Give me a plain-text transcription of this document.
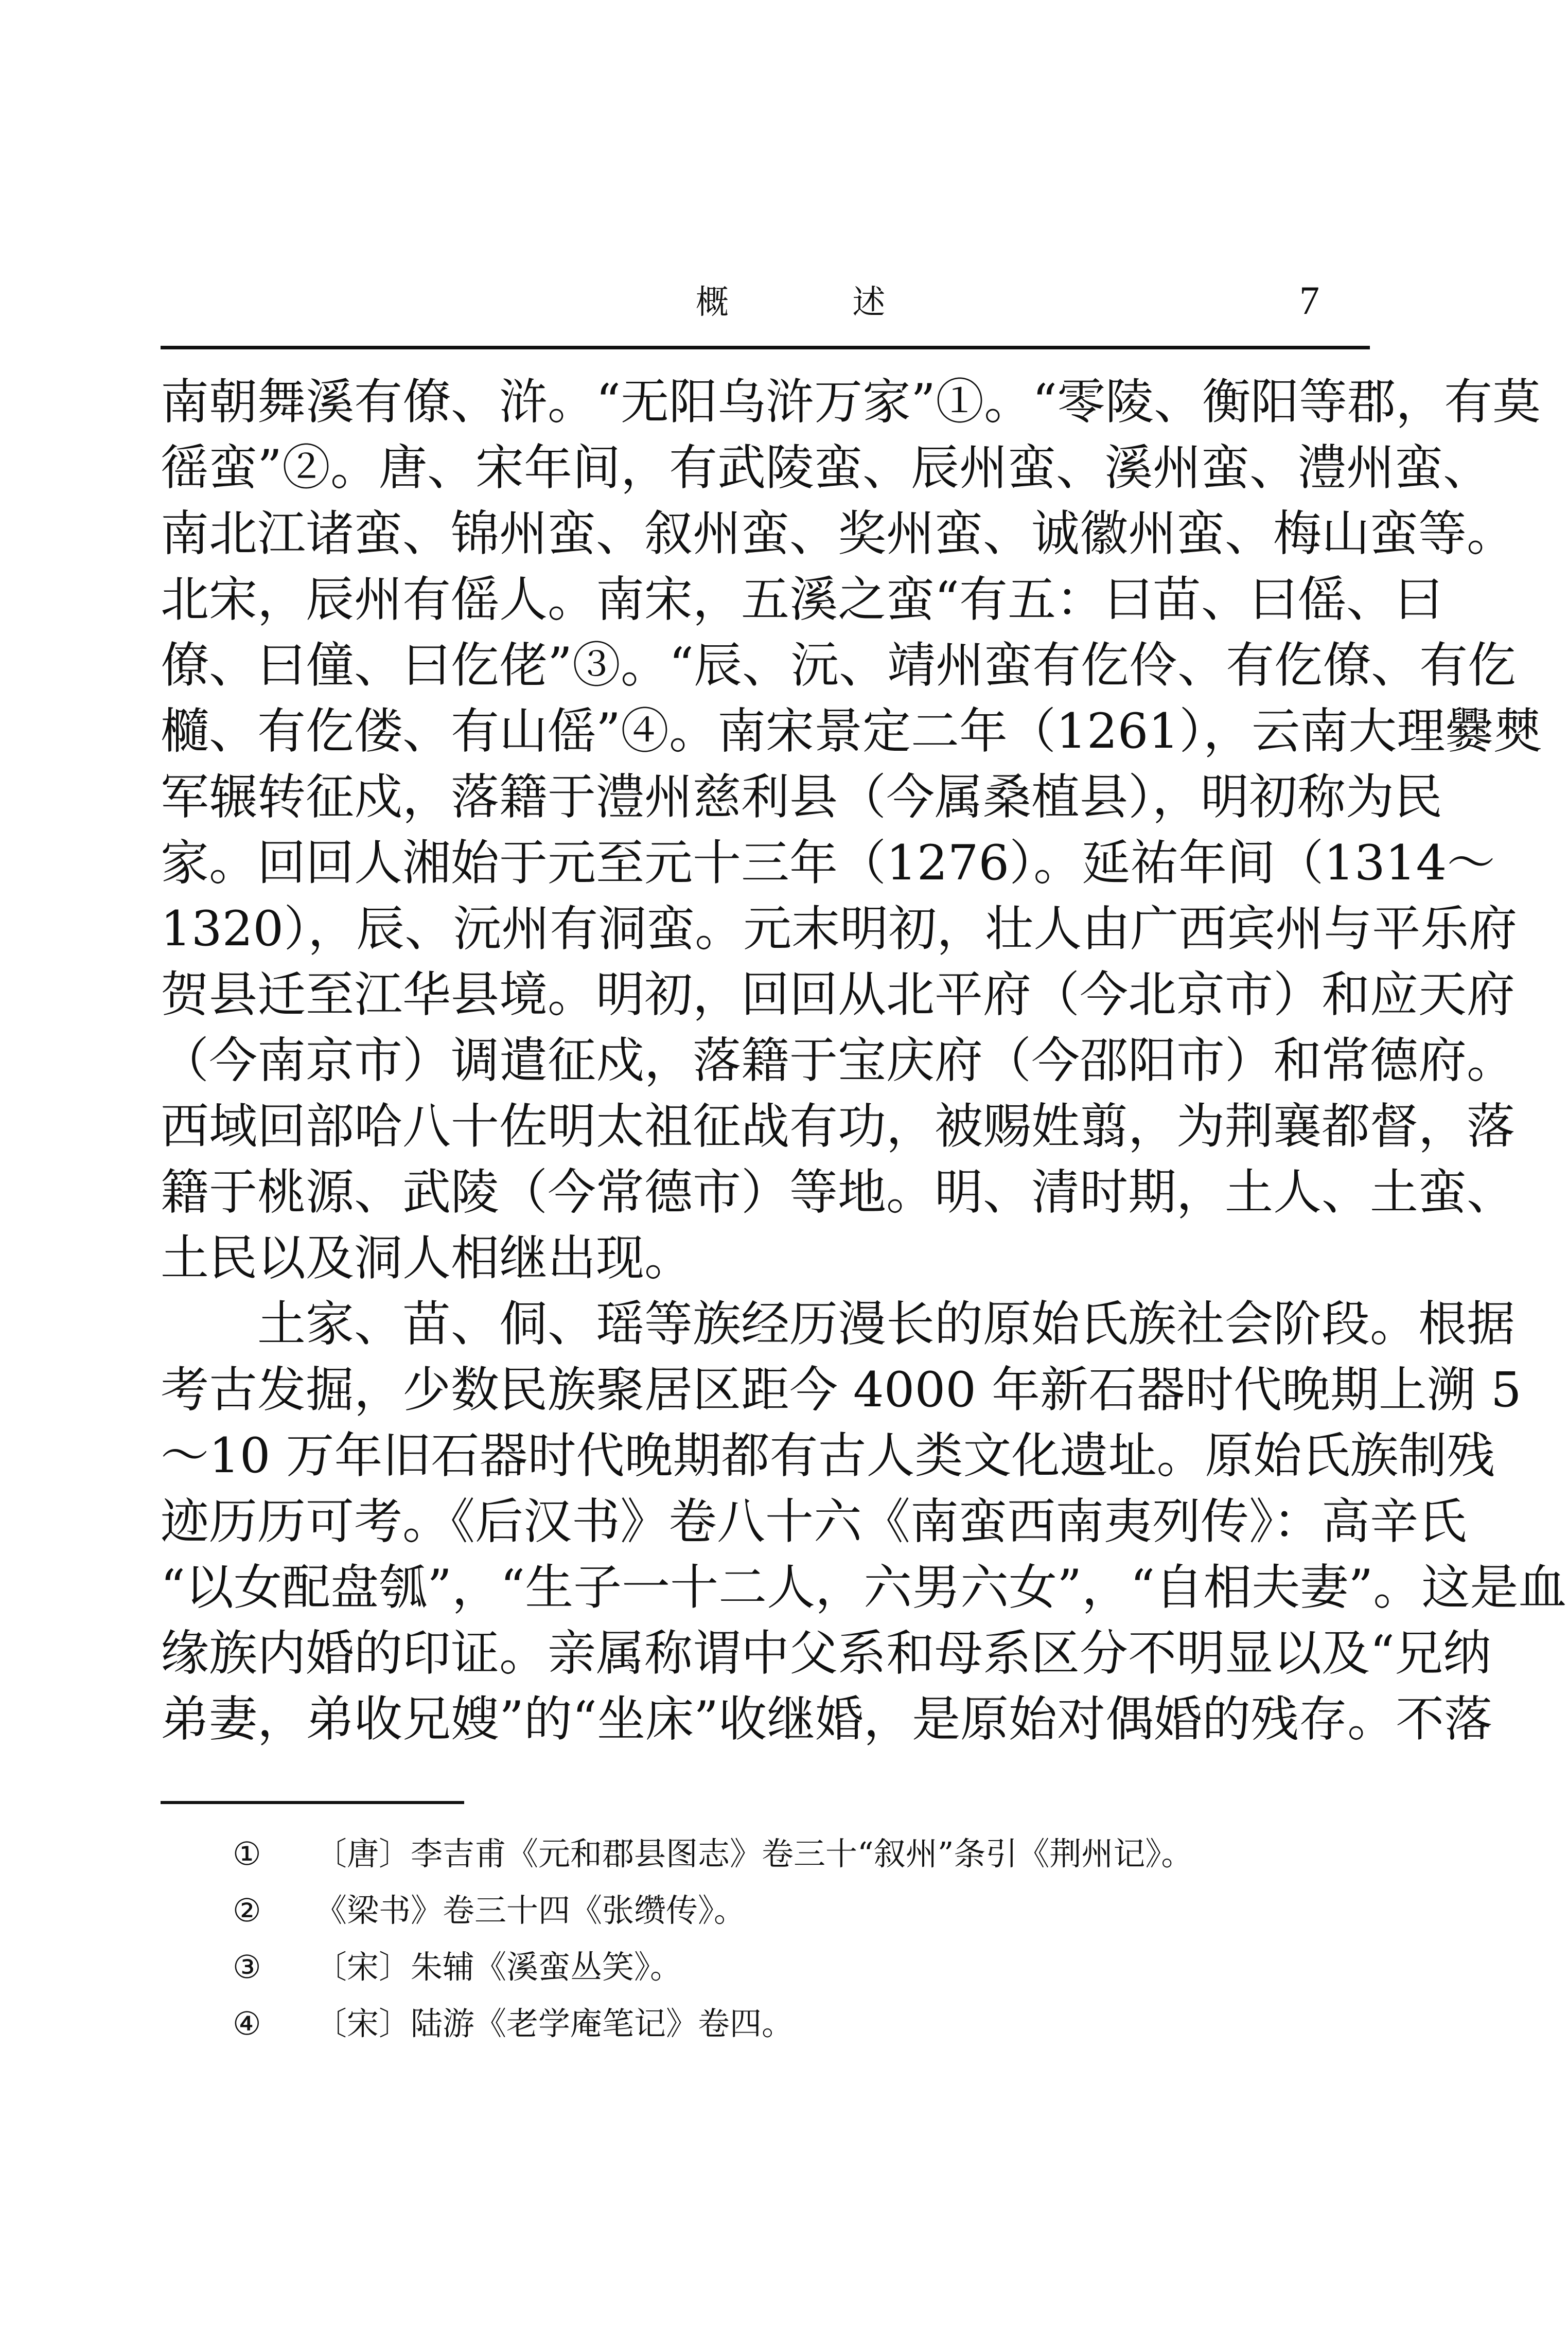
概 述	7
南朝舞溪有僚、浒。“无阳乌浒万家”①。“零陵、衡阳等郡，有莫
徭蛮”②。唐、宋年间，有武陵蛮、辰州蛮、溪州蛮、澧州蛮、
南北江诸蛮、锦州蛮、叙州蛮、奖州蛮、诚徽州蛮、梅山蛮等。
北宋，辰州有傜人。南宋，五溪之蛮“有五：曰苗、曰傜、曰
僚、曰僮、曰仡佬”③。“辰、沅、靖州蛮有仡伶、有仡僚、有仡
㰐、有仡偻、有山傜”④。南宋景定二年（1261），云南大理爨僰
军辗转征戍，落籍于澧州慈利县（今属桑植县），明初称为民
家。回回人湘始于元至元十三年（1276）。延祐年间（1314～
1320），辰、沅州有洞蛮。元末明初，壮人由广西宾州与平乐府
贺县迁至江华县境。明初，回回从北平府（今北京市）和应天府
（今南京市）调遣征戍，落籍于宝庆府（今邵阳市）和常德府。
西域回部哈八十佐明太祖征战有功，被赐姓翦，为荆襄都督，落
籍于桃源、武陵（今常德市）等地。明、清时期，土人、土蛮、
土民以及洞人相继出现。
土家、苗、侗、瑶等族经历漫长的原始氏族社会阶段。根据
考古发掘，少数民族聚居区距今 4000 年新石器时代晚期上溯 5
～10 万年旧石器时代晚期都有古人类文化遗址。原始氏族制残
迹历历可考。《后汉书》卷八十六《南蛮西南夷列传》：高辛氏
“以女配盘瓠”，“生子一十二人，六男六女”，“自相夫妻”。这是血
缘族内婚的印证。亲属称谓中父系和母系区分不明显以及“兄纳
弟妻，弟收兄嫂”的“坐床”收继婚，是原始对偶婚的残存。不落
① 〔唐〕李吉甫《元和郡县图志》卷三十“叙州”条引《荆州记》。
② 《梁书》卷三十四《张缵传》。
③ 〔宋〕朱辅《溪蛮丛笑》。
④ 〔宋〕陆游《老学庵笔记》卷四。
